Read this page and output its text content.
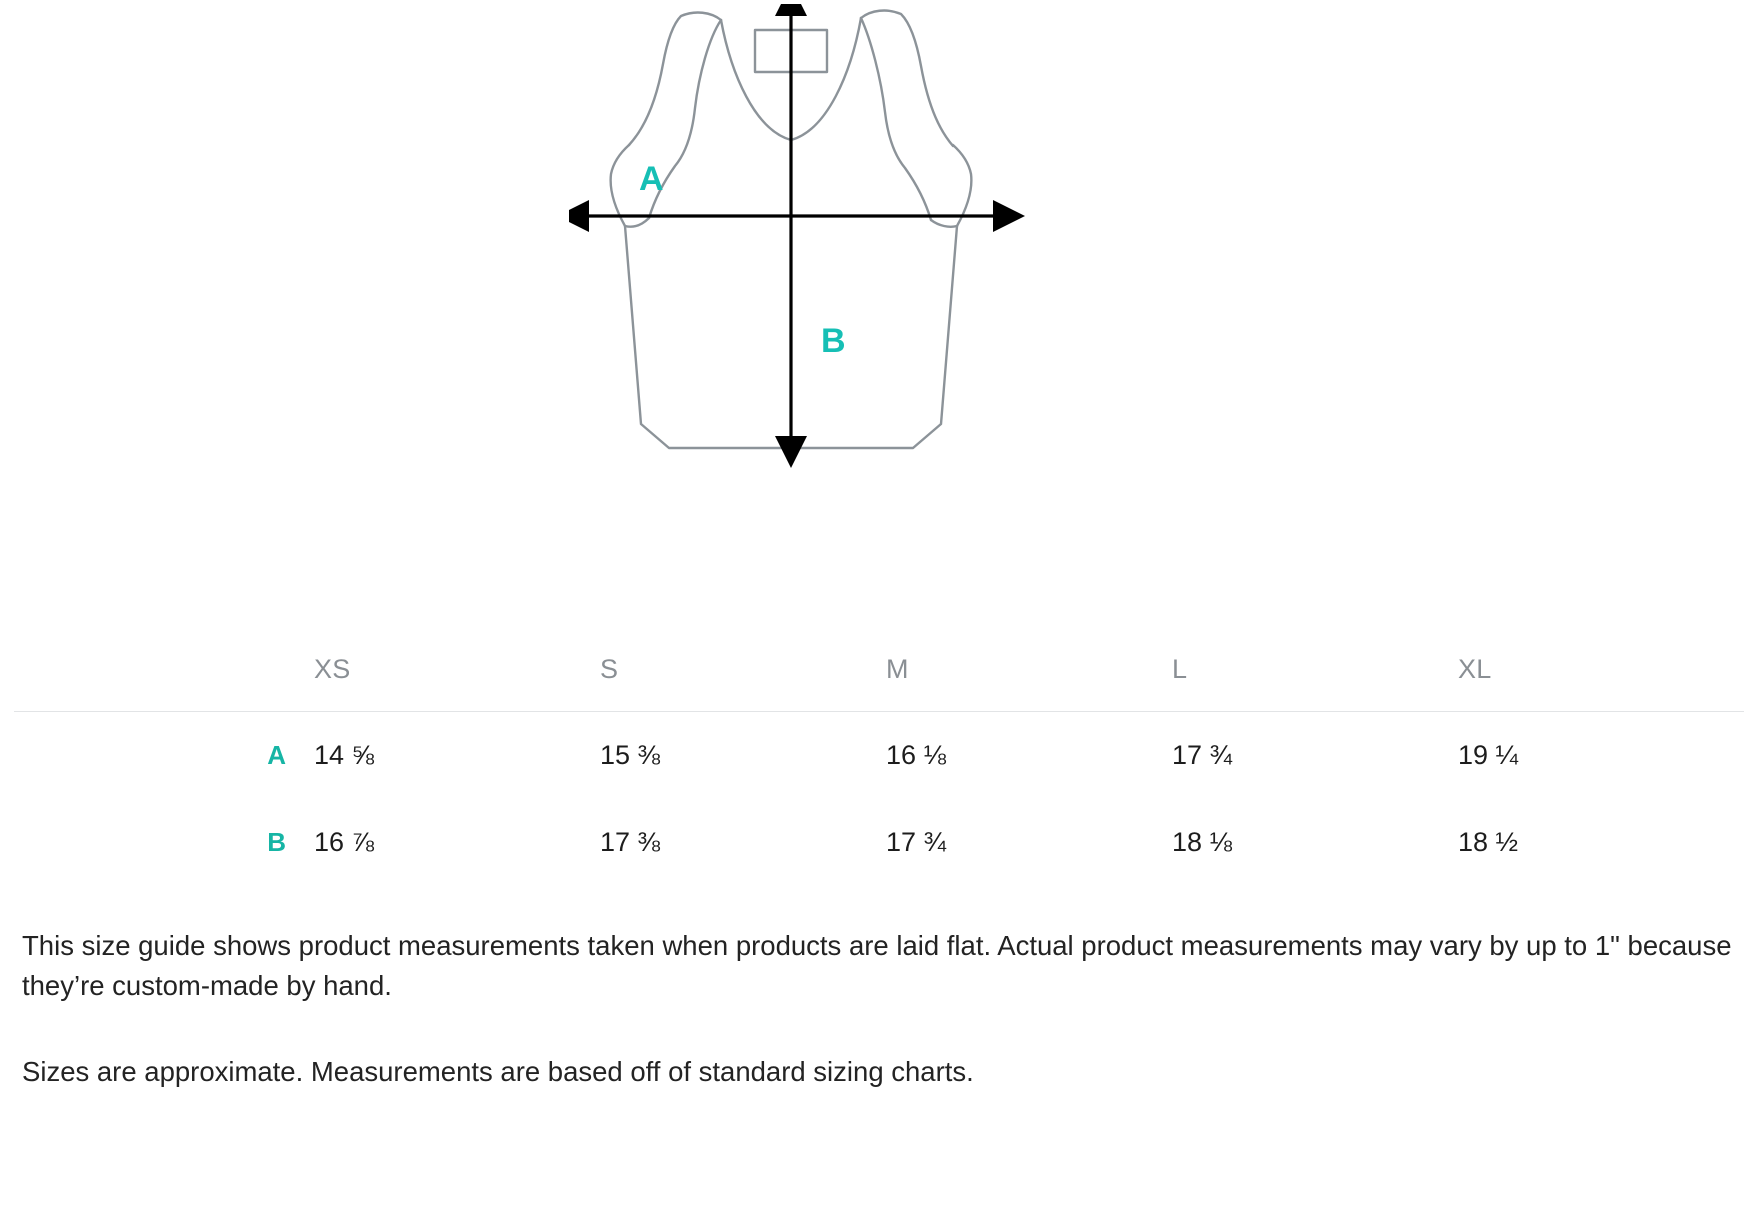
A
B
	XS	S	M	L	XL
A	14 ⅝	15 ⅜	16 ⅛	17 ¾	19 ¼
B	16 ⅞	17 ⅜	17 ¾	18 ⅛	18 ½

This size guide shows product measurements taken when products are laid flat. Actual product measurements may vary by up to 1" because they’re custom-made by hand.

Sizes are approximate. Measurements are based off of standard sizing charts.
